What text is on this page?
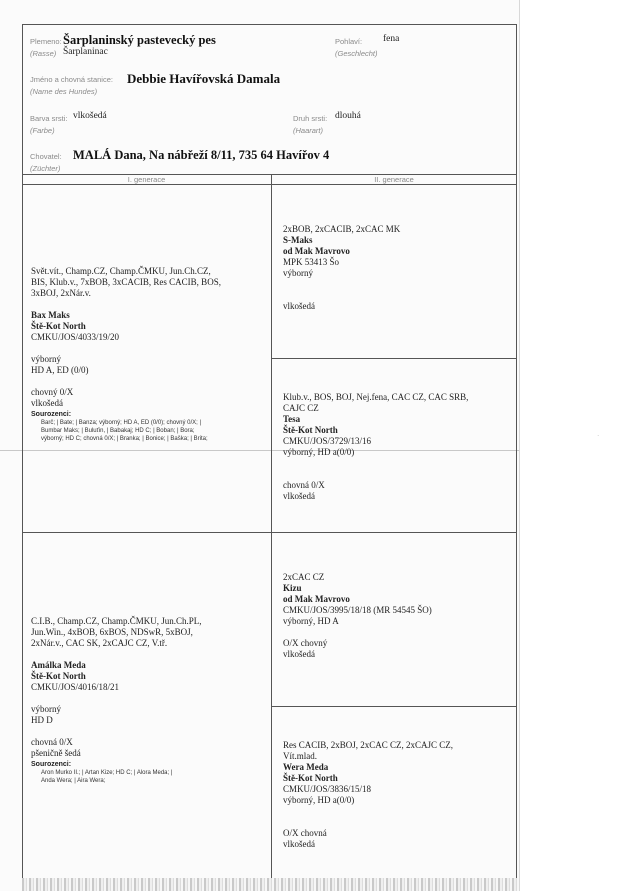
Plemeno:
(Rasse)
Šarplaninský pastevecký pes
Šarplaninac
Pohlaví:
(Geschlecht)
fena
Jméno a chovná stanice:
(Name des Hundes)
Debbie Havířovská Damala
Barva srsti:
(Farbe)
vlkošedá	Druh srsti:
(Haarart)
dlouhá
Chovatel:
(Züchter)
MALÁ Dana, Na nábřeží 8/11, 735 64 Havířov 4
I. generace	II. generace
Svět.vít., Champ.CZ, Champ.ČMKU, Jun.Ch.CZ,
BIS, Klub.v., 7xBOB, 3xCACIB, Res CACIB, BOS,
3xBOJ, 2xNár.v.
Bax Maks
Ště-Kot North
CMKU/JOS/4033/19/20
výborný
HD A, ED (0/0)
chovný 0/X
vlkošedá
Sourozenci:
Barč; | Bate; | Banza; výborný; HD A, ED (0/0); chovný 0/X; |
Bumbar Maks; | Buluťin, | Babakaj; HD C; | Boban; | Bora;
výborný; HD C; chovná 0/X; | Branka; | Bonice; | Baška; | Brita;
2xBOB, 2xCACIB, 2xCAC MK
S-Maks
od Mak Mavrovo
MPK 53413 Šo
výborný
vlkošedá
Klub.v., BOS, BOJ, Nej.fena, CAC CZ, CAC SRB,
CAJC CZ
Tesa
Ště-Kot North
CMKU/JOS/3729/13/16
výborný, HD a(0/0)
chovná 0/X
vlkošedá
C.I.B., Champ.CZ, Champ.ČMKU, Jun.Ch.PL,
Jun.Win., 4xBOB, 6xBOS, NDSwR, 5xBOJ,
2xNár.v., CAC SK, 2xCAJC CZ, V.tř.
Amálka Meda
Ště-Kot North
CMKU/JOS/4016/18/21
výborný
HD D
chovná 0/X
pšeničně šedá
Sourozenci:
Aron Murko II.; | Artan Kize; HD C; | Alora Meda; |
Anda Wera; | Aira Wera;
2xCAC CZ
Kizu
od Mak Mavrovo
CMKU/JOS/3995/18/18 (MR 54545 ŠO)
výborný, HD A
O/X chovný
vlkošedá
Res CACIB, 2xBOJ, 2xCAC CZ, 2xCAJC CZ,
Vít.mlad.
Wera Meda
Ště-Kot North
CMKU/JOS/3836/15/18
výborný, HD a(0/0)
O/X chovná
vlkošedá
·
